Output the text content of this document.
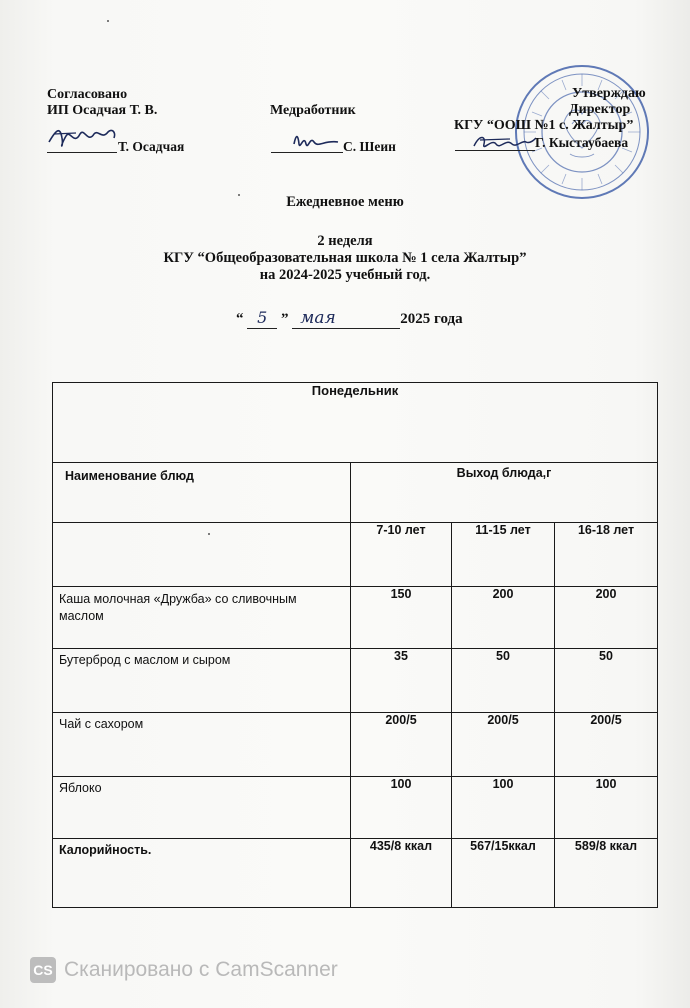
Согласовано
ИП Осадчая Т. В.
Т. Осадчая
Медработник
С. Шеин
Утверждаю
Директор
КГУ “ООШ №1 с. Жалтыр”
Г. Кыстаубаева
Ежедневное меню
2 неделя
КГУ “Общеобразовательная школа № 1 села Жалтыр”
на 2024-2025 учебный год.
“ 5 ” мая	2025 года
Понедельник			

Наименование блюд	Выход блюда,г		

	7-10 лет	11-15 лет	16-18 лет

Каша молочная «Дружба» со сливочным маслом	150	200	200

Бутерброд с маслом и сыром	35	50	50

Чай с сахором	200/5	200/5	200/5

Яблоко	100	100	100

Калорийность.	435/8 ккал	567/15ккал	589/8 ккал
CS Сканировано с CamScanner
